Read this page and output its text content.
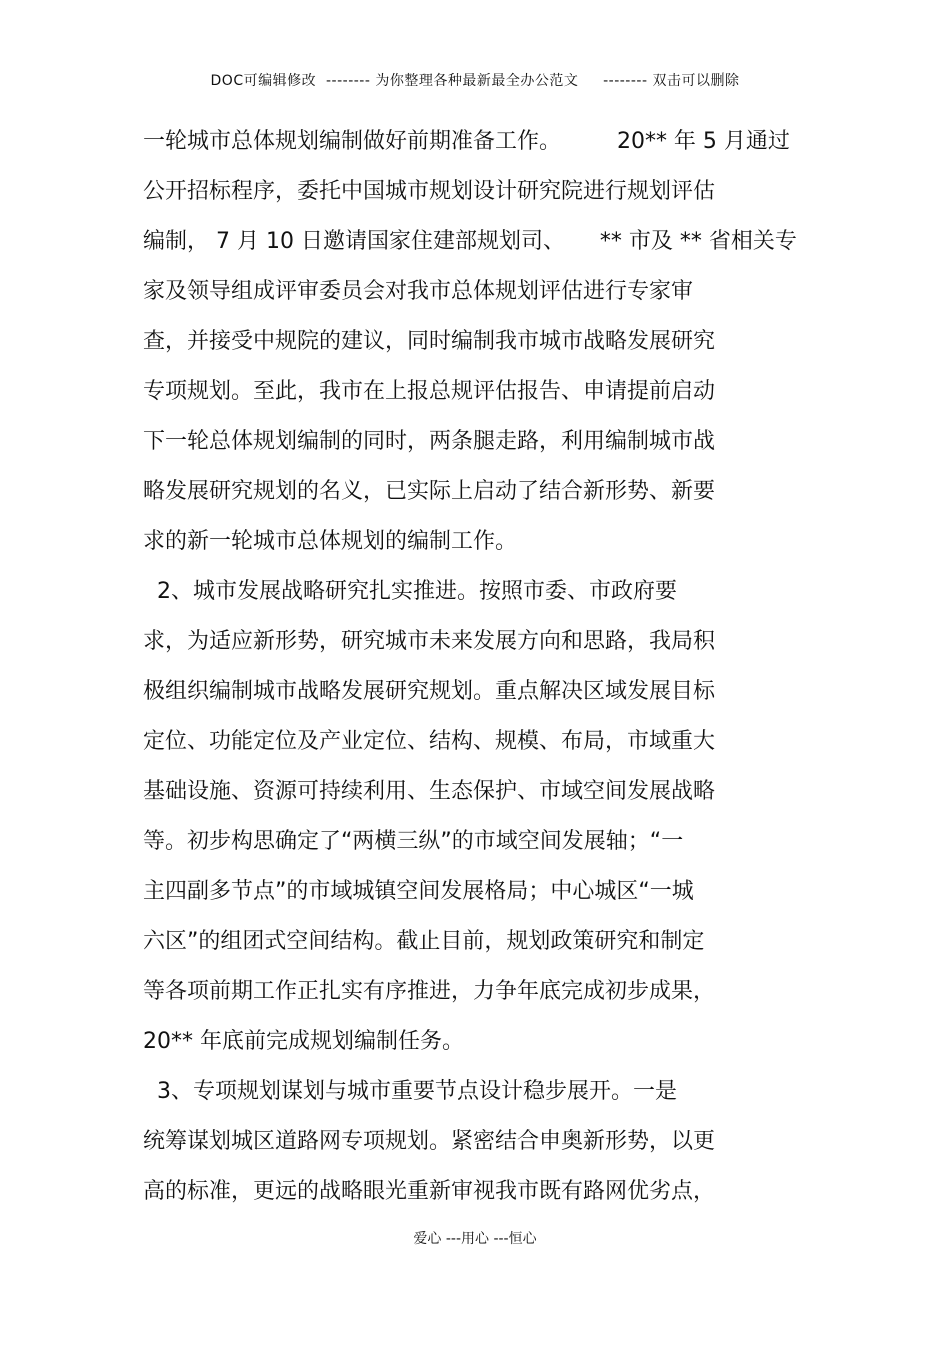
DOC可编辑修改  -------- 为你整理各种最新最全办公范文     -------- 双击可以删除
一轮城市总体规划编制做好前期准备工作。        20** 年 5 月通过
公开招标程序，委托中国城市规划设计研究院进行规划评估
编制， 7 月 10 日邀请国家住建部规划司、     ** 市及 ** 省相关专
家及领导组成评审委员会对我市总体规划评估进行专家审
查，并接受中规院的建议，同时编制我市城市战略发展研究
专项规划。至此，我市在上报总规评估报告、申请提前启动
下一轮总体规划编制的同时，两条腿走路，利用编制城市战
略发展研究规划的名义，已实际上启动了结合新形势、新要
求的新一轮城市总体规划的编制工作。
2、城市发展战略研究扎实推进。按照市委、市政府要
求，为适应新形势，研究城市未来发展方向和思路，我局积
极组织编制城市战略发展研究规划。重点解决区域发展目标
定位、功能定位及产业定位、结构、规模、布局，市域重大
基础设施、资源可持续利用、生态保护、市域空间发展战略
等。初步构思确定了“两横三纵”的市域空间发展轴；“一
主四副多节点”的市域城镇空间发展格局；中心城区“一城
六区”的组团式空间结构。截止目前，规划政策研究和制定
等各项前期工作正扎实有序推进，力争年底完成初步成果，
20** 年底前完成规划编制任务。
3、专项规划谋划与城市重要节点设计稳步展开。一是
统筹谋划城区道路网专项规划。紧密结合申奥新形势，以更
高的标准，更远的战略眼光重新审视我市既有路网优劣点，
爱心 ---用心 ---恒心
